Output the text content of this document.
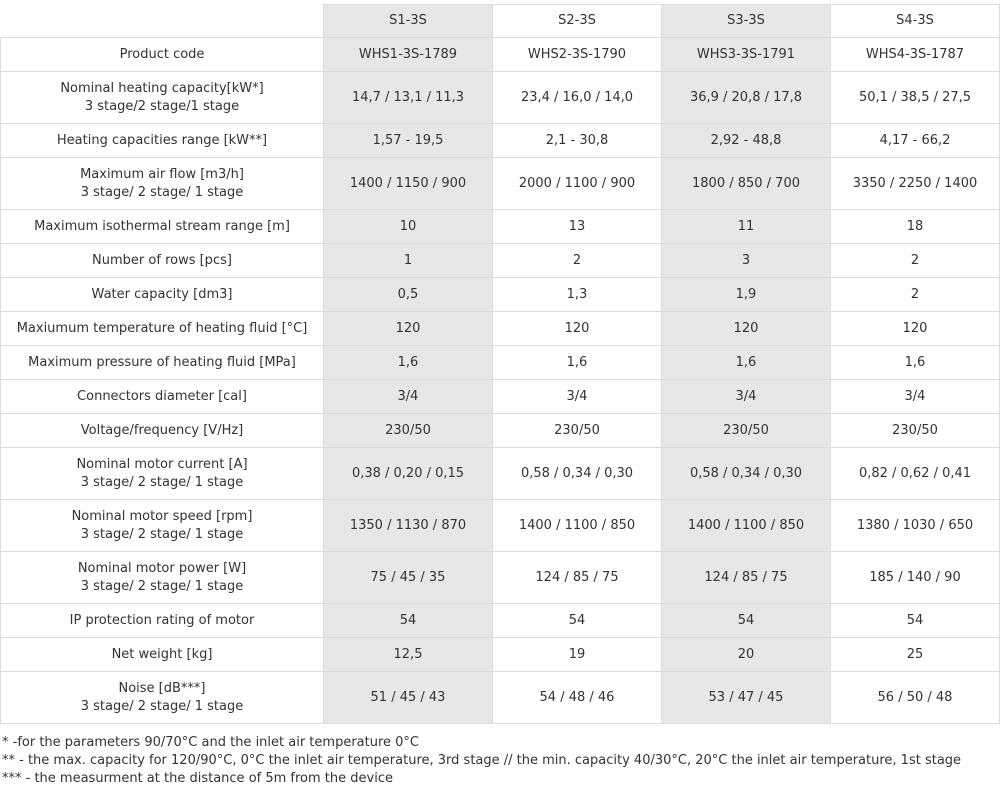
	S1-3S	S2-3S	S3-3S	S4-3S

Product code	WHS1-3S-1789	WHS2-3S-1790	WHS3-3S-1791	WHS4-3S-1787

Nominal heating capacity[kW*]
3 stage/2 stage/1 stage	14,7 / 13,1 / 11,3	23,4 / 16,0 / 14,0	36,9 / 20,8 / 17,8	50,1 / 38,5 / 27,5

Heating capacities range [kW**]	1,57 - 19,5	2,1 - 30,8	2,92 - 48,8	4,17 - 66,2

Maximum air flow [m3/h]
3 stage/ 2 stage/ 1 stage	1400 / 1150 / 900	2000 / 1100 / 900	1800 / 850 / 700	3350 / 2250 / 1400

Maximum isothermal stream range [m]	10	13	11	18

Number of rows [pcs]	1	2	3	2

Water capacity [dm3]	0,5	1,3	1,9	2

Maxiumum temperature of heating fluid [°C]	120	120	120	120

Maximum pressure of heating fluid [MPa]	1,6	1,6	1,6	1,6

Connectors diameter [cal]	3/4	3/4	3/4	3/4

Voltage/frequency [V/Hz]	230/50	230/50	230/50	230/50

Nominal motor current [A]
3 stage/ 2 stage/ 1 stage	0,38 / 0,20 / 0,15	0,58 / 0,34 / 0,30	0,58 / 0,34 / 0,30	0,82 / 0,62 / 0,41

Nominal motor speed [rpm]
3 stage/ 2 stage/ 1 stage	1350 / 1130 / 870	1400 / 1100 / 850	1400 / 1100 / 850	1380 / 1030 / 650

Nominal motor power [W]
3 stage/ 2 stage/ 1 stage	75 / 45 / 35	124 / 85 / 75	124 / 85 / 75	185 / 140 / 90

IP protection rating of motor	54	54	54	54

Net weight [kg]	12,5	19	20	25

Noise [dB***]
3 stage/ 2 stage/ 1 stage	51 / 45 / 43	54 / 48 / 46	53 / 47 / 45	56 / 50 / 48
* -for the parameters 90/70°C and the inlet air temperature 0°C
** - the max. capacity for 120/90°C, 0°C the inlet air temperature, 3rd stage // the min. capacity 40/30°C, 20°C the inlet air temperature, 1st stage
*** - the measurment at the distance of 5m from the device
